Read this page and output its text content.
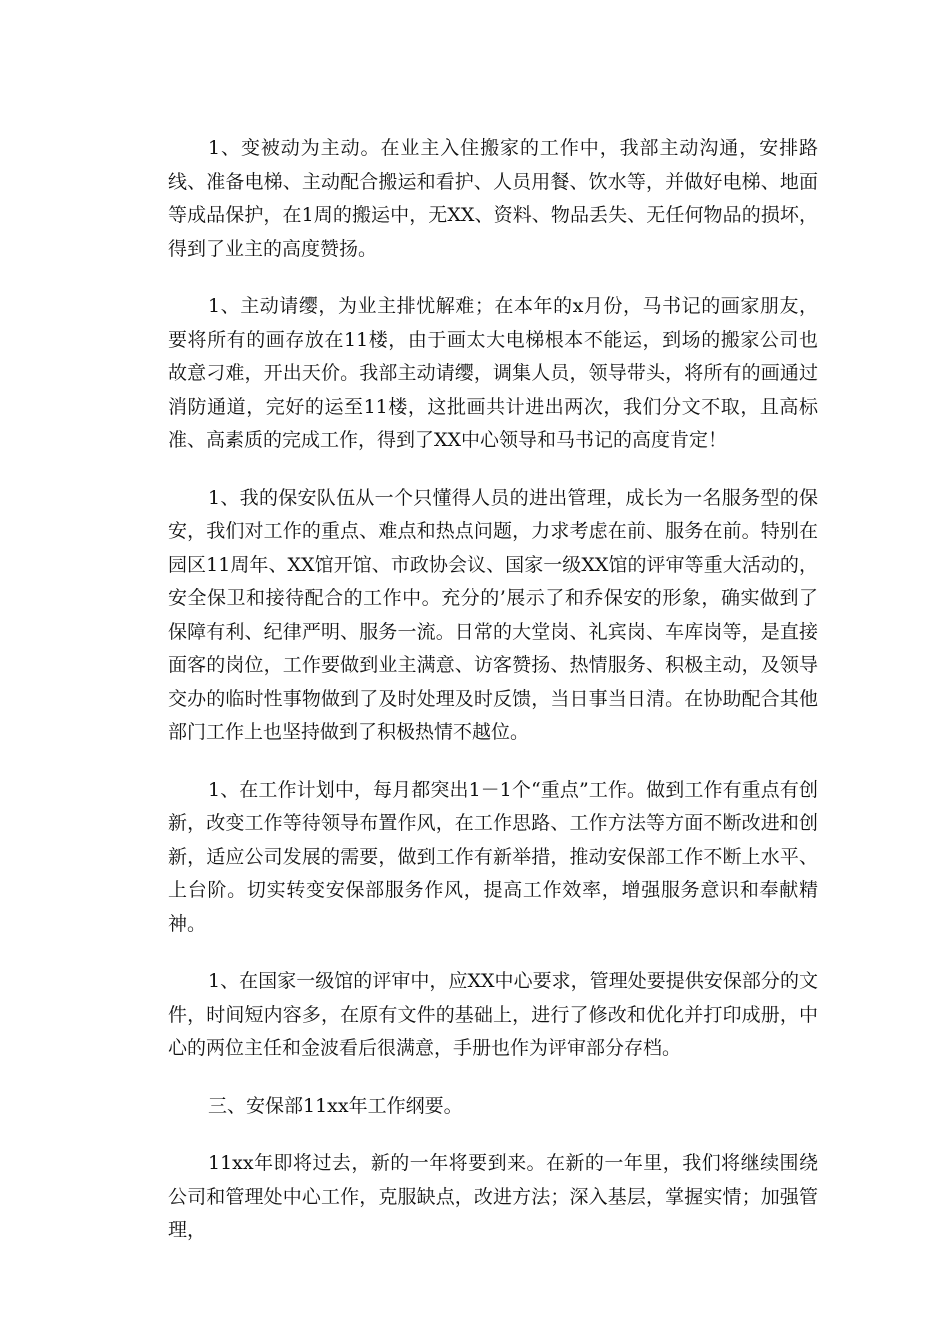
1、变被动为主动。在业主入住搬家的工作中，我部主动沟通，安排路线、准备电梯、主动配合搬运和看护、人员用餐、饮水等，并做好电梯、地面等成品保护，在1周的搬运中，无XX、资料、物品丢失、无任何物品的损坏，得到了业主的高度赞扬。

1、主动请缨，为业主排忧解难；在本年的x月份，马书记的画家朋友，要将所有的画存放在11楼，由于画太大电梯根本不能运，到场的搬家公司也故意刁难，开出天价。我部主动请缨，调集人员，领导带头，将所有的画通过消防通道，完好的运至11楼，这批画共计进出两次，我们分文不取，且高标准、高素质的完成工作，得到了XX中心领导和马书记的高度肯定！

1、我的保安队伍从一个只懂得人员的进出管理，成长为一名服务型的保安，我们对工作的重点、难点和热点问题，力求考虑在前、服务在前。特别在园区11周年、XX馆开馆、市政协会议、国家一级XX馆的评审等重大活动的，安全保卫和接待配合的工作中。充分的’展示了和乔保安的形象，确实做到了保障有利、纪律严明、服务一流。日常的大堂岗、礼宾岗、车库岗等，是直接面客的岗位，工作要做到业主满意、访客赞扬、热情服务、积极主动，及领导交办的临时性事物做到了及时处理及时反馈，当日事当日清。在协助配合其他部门工作上也坚持做到了积极热情不越位。

1、在工作计划中，每月都突出1－1个“重点”工作。做到工作有重点有创新，改变工作等待领导布置作风，在工作思路、工作方法等方面不断改进和创新，适应公司发展的需要，做到工作有新举措，推动安保部工作不断上水平、上台阶。切实转变安保部服务作风，提高工作效率，增强服务意识和奉献精神。

1、在国家一级馆的评审中，应XX中心要求，管理处要提供安保部分的文件，时间短内容多，在原有文件的基础上，进行了修改和优化并打印成册，中心的两位主任和金波看后很满意，手册也作为评审部分存档。

三、安保部11xx年工作纲要。

11xx年即将过去，新的一年将要到来。在新的一年里，我们将继续围绕公司和管理处中心工作，克服缺点，改进方法；深入基层，掌握实情；加强管理，
